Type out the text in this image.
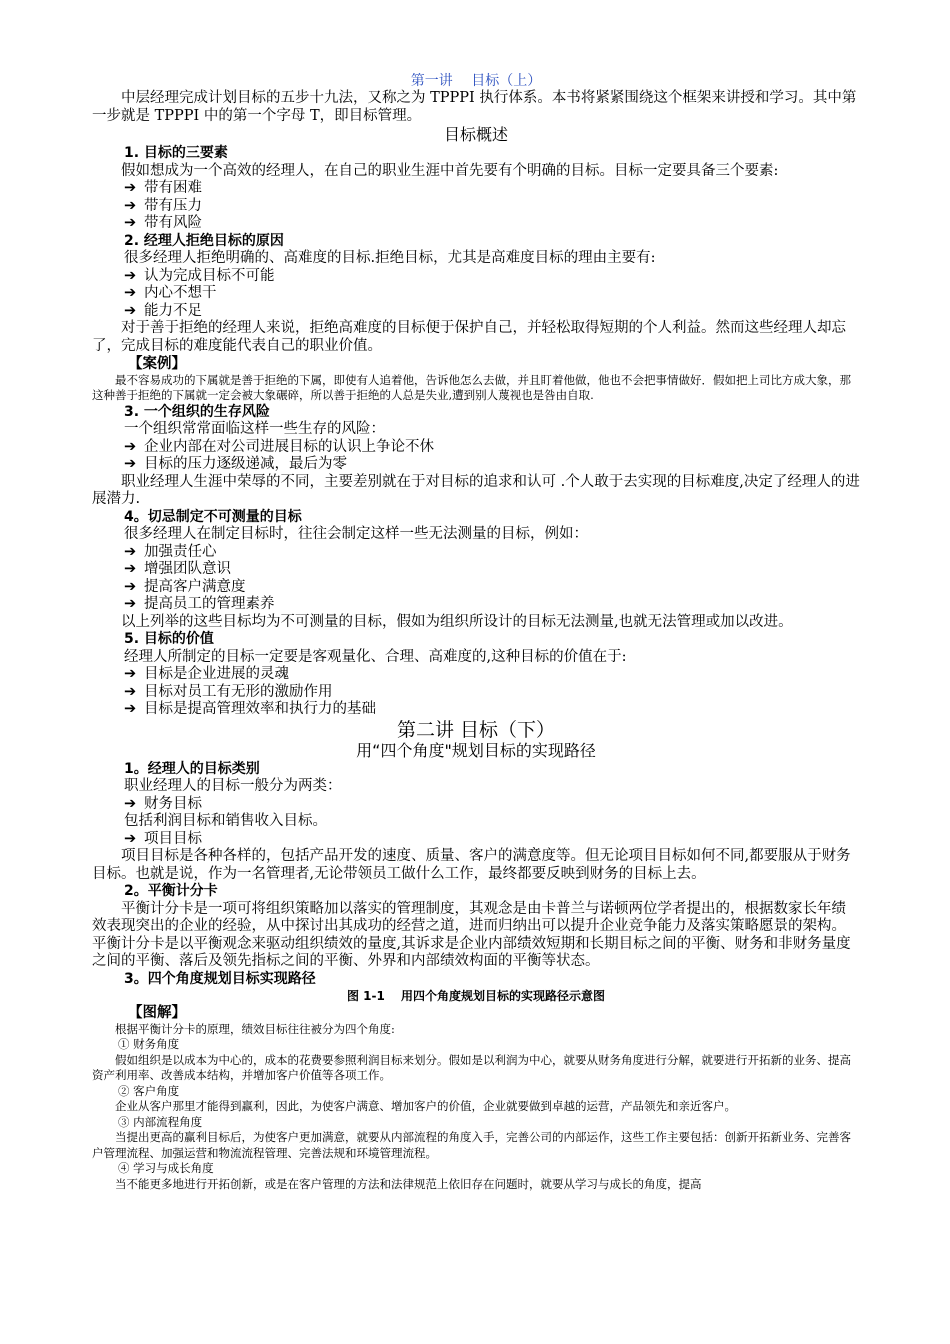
第一讲　 目标（上）

中层经理完成计划目标的五步十九法，又称之为 TPPPI 执行体系。本书将紧紧围绕这个框架来讲授和学习。其中第一步就是 TPPPI 中的第一个字母 T，即目标管理。

目标概述

1. 目标的三要素

假如想成为一个高效的经理人，在自己的职业生涯中首先要有个明确的目标。目标一定要具备三个要素:

➔ 带有困难

➔ 带有压力

➔ 带有风险

2. 经理人拒绝目标的原因

很多经理人拒绝明确的、高难度的目标.拒绝目标，尤其是高难度目标的理由主要有:

➔ 认为完成目标不可能

➔ 内心不想干

➔ 能力不足

对于善于拒绝的经理人来说，拒绝高难度的目标便于保护自己，并轻松取得短期的个人利益。然而这些经理人却忘了，完成目标的难度能代表自己的职业价值。

【案例】

最不容易成功的下属就是善于拒绝的下属，即使有人追着他，告诉他怎么去做，并且盯着他做，他也不会把事情做好．假如把上司比方成大象，那这种善于拒绝的下属就一定会被大象碾碎，所以善于拒绝的人总是失业,遭到别人蔑视也是咎由自取.

3. 一个组织的生存风险

一个组织常常面临这样一些生存的风险：

➔ 企业内部在对公司进展目标的认识上争论不休

➔ 目标的压力逐级递减，最后为零

职业经理人生涯中荣辱的不同，主要差别就在于对目标的追求和认可 .个人敢于去实现的目标难度,决定了经理人的进展潜力.

4。切忌制定不可测量的目标

很多经理人在制定目标时，往往会制定这样一些无法测量的目标，例如：

➔ 加强责任心

➔ 增强团队意识

➔ 提高客户满意度

➔ 提高员工的管理素养

以上列举的这些目标均为不可测量的目标，假如为组织所设计的目标无法测量,也就无法管理或加以改进。

5. 目标的价值

经理人所制定的目标一定要是客观量化、合理、高难度的,这种目标的价值在于:

➔ 目标是企业进展的灵魂

➔ 目标对员工有无形的激励作用

➔ 目标是提高管理效率和执行力的基础

第二讲 目标（下）

用“四个角度"规划目标的实现路径

1。经理人的目标类别

职业经理人的目标一般分为两类：

➔ 财务目标

包括利润目标和销售收入目标。

➔ 项目目标

项目目标是各种各样的，包括产品开发的速度、质量、客户的满意度等。但无论项目目标如何不同,都要服从于财务目标。也就是说，作为一名管理者,无论带领员工做什么工作，最终都要反映到财务的目标上去。

2。平衡计分卡

平衡计分卡是一项可将组织策略加以落实的管理制度，其观念是由卡普兰与诺顿两位学者提出的，根据数家长年绩效表现突出的企业的经验，从中探讨出其成功的经营之道，进而归纳出可以提升企业竞争能力及落实策略愿景的架构。平衡计分卡是以平衡观念来驱动组织绩效的量度,其诉求是企业内部绩效短期和长期目标之间的平衡、财务和非财务量度之间的平衡、落后及领先指标之间的平衡、外界和内部绩效构面的平衡等状态。

3。四个角度规划目标实现路径

图 1-1　 用四个角度规划目标的实现路径示意图

【图解】

根据平衡计分卡的原理，绩效目标往往被分为四个角度:

① 财务角度

假如组织是以成本为中心的，成本的花费要参照利润目标来划分。假如是以利润为中心，就要从财务角度进行分解，就要进行开拓新的业务、提高资产利用率、改善成本结构，并增加客户价值等各项工作。

② 客户角度

企业从客户那里才能得到赢利，因此，为使客户满意、增加客户的价值，企业就要做到卓越的运营，产品领先和亲近客户。

③ 内部流程角度

当提出更高的赢利目标后，为使客户更加满意，就要从内部流程的角度入手，完善公司的内部运作，这些工作主要包括：创新开拓新业务、完善客户管理流程、加强运营和物流流程管理、完善法规和环境管理流程。

④ 学习与成长角度

当不能更多地进行开拓创新，或是在客户管理的方法和法律规范上依旧存在问题时，就要从学习与成长的角度，提高
